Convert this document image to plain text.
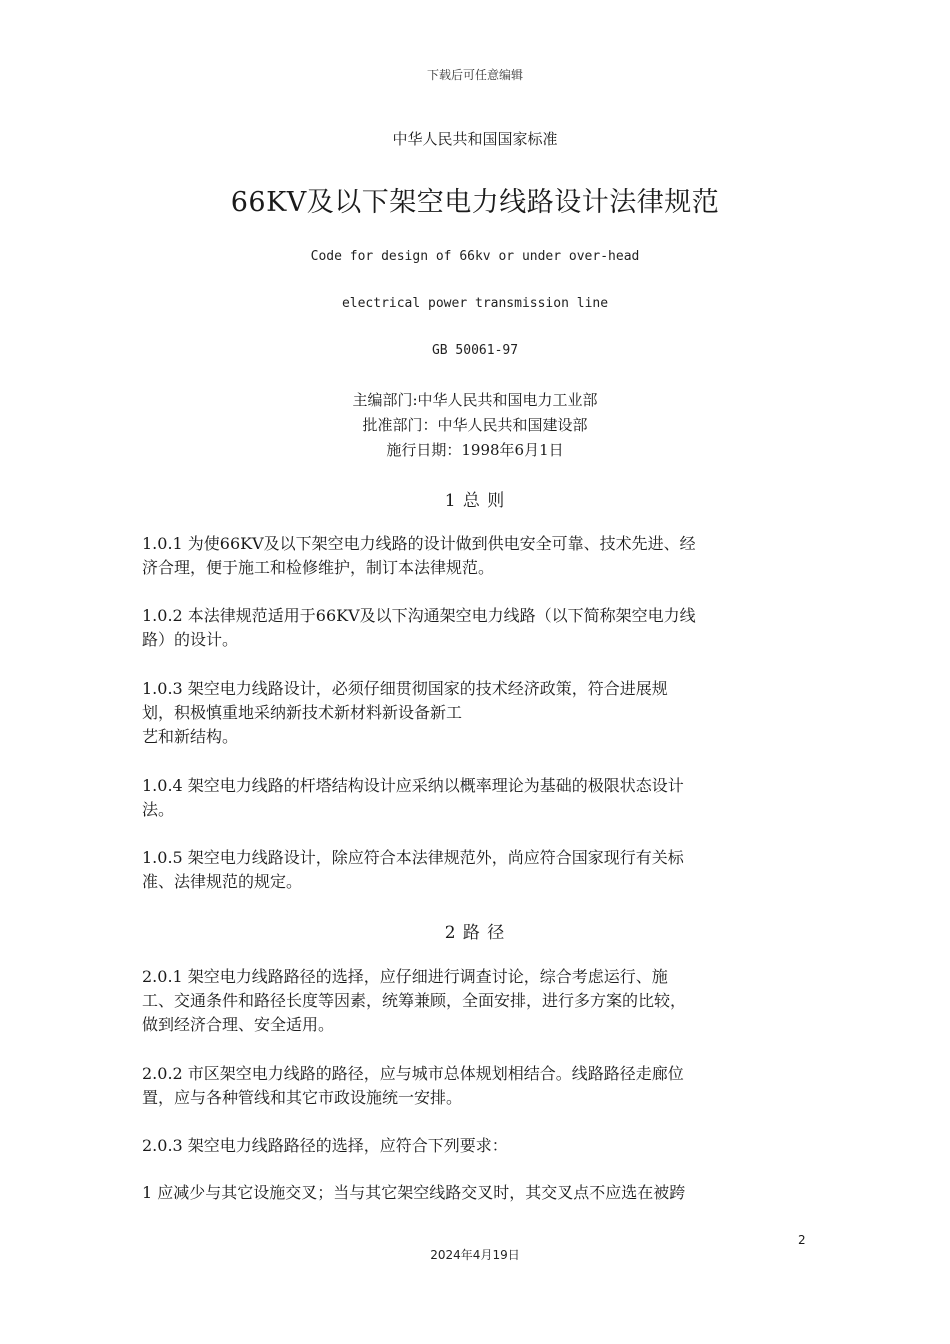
下载后可任意编辑
中华人民共和国国家标准
66KV及以下架空电力线路设计法律规范
Code for design of 66kv or under over-head
electrical power transmission line
GB 50061-97
主编部门:中华人民共和国电力工业部
批准部门：中华人民共和国建设部
施行日期：1998年6月1日
1 总 则
1.0.1 为使66KV及以下架空电力线路的设计做到供电安全可靠、技术先进、经
济合理，便于施工和检修维护，制订本法律规范。
1.0.2 本法律规范适用于66KV及以下沟通架空电力线路（以下简称架空电力线
路）的设计。
1.0.3 架空电力线路设计，必须仔细贯彻国家的技术经济政策，符合进展规
划，积极慎重地采纳新技术新材料新设备新工
艺和新结构。
1.0.4 架空电力线路的杆塔结构设计应采纳以概率理论为基础的极限状态设计
法。
1.0.5 架空电力线路设计，除应符合本法律规范外，尚应符合国家现行有关标
准、法律规范的规定。
2 路 径
2.0.1 架空电力线路路径的选择，应仔细进行调查讨论，综合考虑运行、施
工、交通条件和路径长度等因素，统筹兼顾，全面安排，进行多方案的比较，
做到经济合理、安全适用。
2.0.2 市区架空电力线路的路径，应与城市总体规划相结合。线路路径走廊位
置，应与各种管线和其它市政设施统一安排。
2.0.3 架空电力线路路径的选择，应符合下列要求：
1 应减少与其它设施交叉；当与其它架空线路交叉时，其交叉点不应选在被跨
2
2024年4月19日
